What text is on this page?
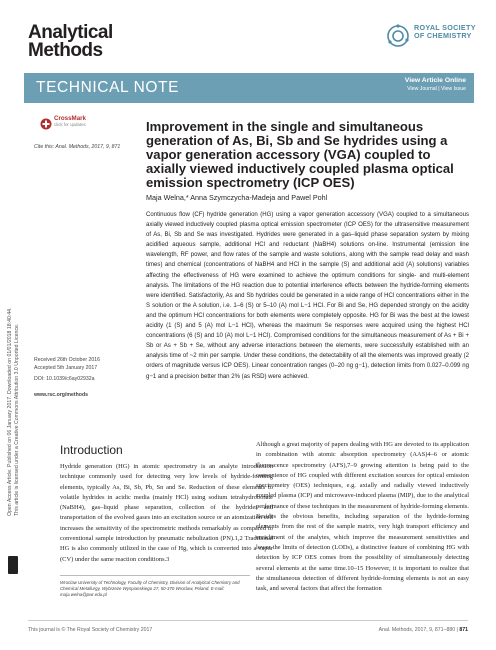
Analytical
Methods
ROYAL SOCIETY
OF CHEMISTRY
TECHNICAL NOTE	View Article Online
View Journal | View Issue
Open Access Article. Published on 06 January 2017. Downloaded on 01/01/2018 18:40:44. This article is licensed under a Creative Commons Attribution 3.0 Unported Licence.
CrossMark
click for updates
Cite this: Anal. Methods, 2017, 9, 871
Improvement in the single and simultaneous generation of As, Bi, Sb and Se hydrides using a vapor generation accessory (VGA) coupled to axially viewed inductively coupled plasma optical emission spectrometry (ICP OES)
Maja Welna,* Anna Szymczycha-Madeja and Pawel Pohl
Continuous flow (CF) hydride generation (HG) using a vapor generation accessory (VGA) coupled to a simultaneous axially viewed inductively coupled plasma optical emission spectrometer (ICP OES) for the ultrasensitive measurement of As, Bi, Sb and Se was investigated. Hydrides were generated in a gas–liquid phase separation system by mixing acidified aqueous sample, additional HCl and reductant (NaBH4) solutions on-line. Instrumental (emission line wavelength, RF power, and flow rates of the sample and waste solutions, along with the sample read delay and wash times) and chemical (concentrations of NaBH4 and HCl in the sample (S) and additional acid (A) solutions) variables affecting the effectiveness of HG were examined to achieve the optimum conditions for single- and multi-element analysis. The limitations of the HG reaction due to potential interference effects between the hydride-forming elements were identified. Satisfactorily, As and Sb hydrides could be generated in a wide range of HCl concentrations either in the S solution or the A solution, i.e. 1–6 (S) or 5–10 (A) mol L−1 HCl. For Bi and Se, HG depended strongly on the acidity and the optimum HCl concentrations for both elements were completely opposite. HG for Bi was the best at the lowest acidity (1 (S) and 5 (A) mol L−1 HCl), whereas the maximum Se responses were acquired using the highest HCl concentrations (6 (S) and 10 (A) mol L−1 HCl). Compromised conditions for the simultaneous measurement of As + Bi + Sb or As + Sb + Se, without any adverse interactions between the elements, were successfully established with an analysis time of ~2 min per sample. Under these conditions, the detectability of all the elements was improved greatly (2 orders of magnitude versus ICP OES). Linear concentration ranges (0–20 ng g−1), detection limits from 0.027–0.099 ng g−1 and a precision better than 2% (as RSD) were achieved.
Received 26th October 2016
Accepted 5th January 2017
DOI: 10.1039/c6ay02932a
www.rsc.org/methods
Introduction
Hydride generation (HG) in atomic spectrometry is an analyte introduction technique commonly used for detecting very low levels of hydride-forming elements, typically As, Bi, Sb, Pb, Sn and Se. Reduction of these elements to volatile hydrides in acidic media (mainly HCl) using sodium tetrahydroborate (NaBH4), gas–liquid phase separation, collection of the hydrides and transportation of the evolved gases into an excitation source or an atomization cell increases the sensitivity of the spectrometric methods remarkably as compared to conventional sample introduction by pneumatic nebulization (PN).1,2 Traditional HG is also commonly utilized in the case of Hg, which is converted into a vapor (CV) under the same reaction conditions.3
Although a great majority of papers dealing with HG are devoted to its application in combination with atomic absorption spectrometry (AAS)4–6 or atomic fluorescence spectrometry (AFS),7–9 growing attention is being paid to the convenience of HG coupled with different excitation sources for optical emission spectrometry (OES) techniques, e.g. axially and radially viewed inductively coupled plasma (ICP) and microwave-induced plasma (MIP), due to the analytical performance of these techniques in the measurement of hydride-forming elements. Besides the obvious benefits, including separation of the hydride-forming elements from the rest of the sample matrix, very high transport efficiency and enrichment of the analytes, which improve the measurement sensitivities and lower the limits of detection (LODs), a distinctive feature of combining HG with detection by ICP OES comes from the possibility of simultaneously detecting several elements at the same time.10–15 However, it is important to realize that the simultaneous detection of different hydride-forming elements is not an easy task, and several factors that affect the formation
Wroclaw University of Technology, Faculty of Chemistry, Division of Analytical Chemistry and Chemical Metallurgy, Wybrzeze Wyspianskiego 27, 50-370 Wroclaw, Poland. E-mail: maja.welna@pwr.edu.pl
This journal is © The Royal Society of Chemistry 2017	Anal. Methods, 2017, 9, 871–880 | 871
